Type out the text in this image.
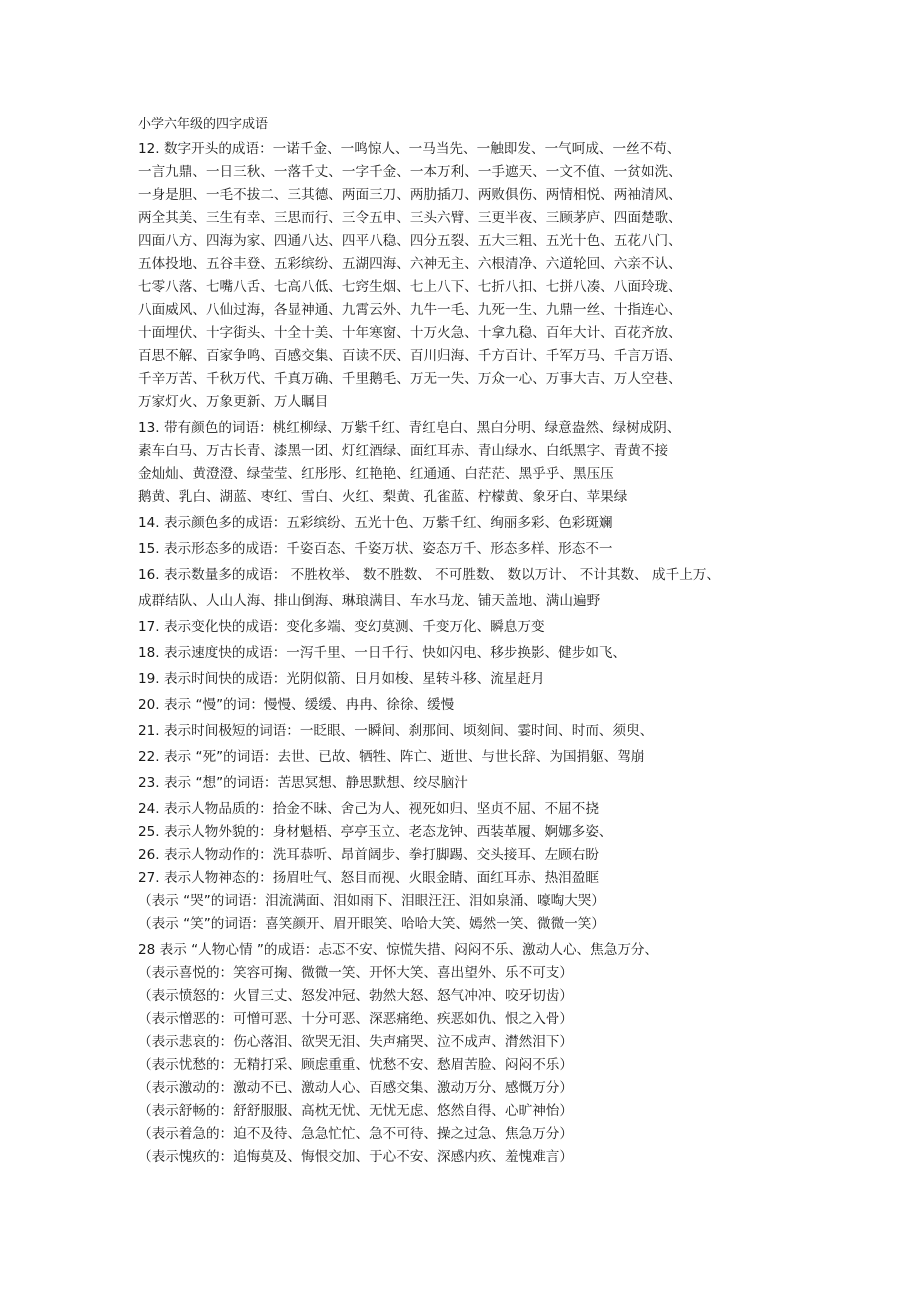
小学六年级的四字成语
12. 数字开头的成语：一诺千金、一鸣惊人、一马当先、一触即发、一气呵成、一丝不苟、
一言九鼎、一日三秋、一落千丈、一字千金、一本万利、一手遮天、一文不值、一贫如洗、
一身是胆、一毛不拔二、三其德、两面三刀、两肋插刀、两败俱伤、两情相悦、两袖清风、
两全其美、三生有幸、三思而行、三令五申、三头六臂、三更半夜、三顾茅庐、四面楚歌、
四面八方、四海为家、四通八达、四平八稳、四分五裂、五大三粗、五光十色、五花八门、
五体投地、五谷丰登、五彩缤纷、五湖四海、六神无主、六根清净、六道轮回、六亲不认、
七零八落、七嘴八舌、七高八低、七窍生烟、七上八下、七折八扣、七拼八凑、八面玲珑、
八面威风、八仙过海，各显神通、九霄云外、九牛一毛、九死一生、九鼎一丝、十指连心、
十面埋伏、十字街头、十全十美、十年寒窗、十万火急、十拿九稳、百年大计、百花齐放、
百思不解、百家争鸣、百感交集、百读不厌、百川归海、千方百计、千军万马、千言万语、
千辛万苦、千秋万代、千真万确、千里鹅毛、万无一失、万众一心、万事大吉、万人空巷、
万家灯火、万象更新、万人瞩目
13. 带有颜色的词语：桃红柳绿、万紫千红、青红皂白、黑白分明、绿意盎然、绿树成阴、
素车白马、万古长青、漆黑一团、灯红酒绿、面红耳赤、青山绿水、白纸黑字、青黄不接
金灿灿、黄澄澄、绿莹莹、红彤彤、红艳艳、红通通、白茫茫、黑乎乎、黑压压
鹅黄、乳白、湖蓝、枣红、雪白、火红、梨黄、孔雀蓝、柠檬黄、象牙白、苹果绿
14. 表示颜色多的成语：五彩缤纷、五光十色、万紫千红、绚丽多彩、色彩斑斓
15. 表示形态多的成语：千姿百态、千姿万状、姿态万千、形态多样、形态不一
16. 表示数量多的成语： 不胜枚举、 数不胜数、 不可胜数、 数以万计、 不计其数、 成千上万、
成群结队、人山人海、排山倒海、琳琅满目、车水马龙、铺天盖地、满山遍野
17. 表示变化快的成语：变化多端、变幻莫测、千变万化、瞬息万变
18. 表示速度快的成语：一泻千里、一日千行、快如闪电、移步换影、健步如飞、
19. 表示时间快的成语：光阴似箭、日月如梭、星转斗移、流星赶月
20. 表示 “慢”的词：慢慢、缓缓、冉冉、徐徐、缓慢
21. 表示时间极短的词语：一眨眼、一瞬间、刹那间、顷刻间、霎时间、时而、须臾、
22. 表示 “死”的词语：去世、已故、牺牲、阵亡、逝世、与世长辞、为国捐躯、驾崩
23. 表示 “想”的词语：苦思冥想、静思默想、绞尽脑汁
24. 表示人物品质的：拾金不昧、舍己为人、视死如归、坚贞不屈、不屈不挠
25. 表示人物外貌的：身材魁梧、亭亭玉立、老态龙钟、西装革履、婀娜多姿、
26. 表示人物动作的：洗耳恭听、昂首阔步、拳打脚踢、交头接耳、左顾右盼
27. 表示人物神态的：扬眉吐气、怒目而视、火眼金睛、面红耳赤、热泪盈眶
（表示 “哭”的词语：泪流满面、泪如雨下、泪眼汪汪、泪如泉涌、嚎啕大哭）
（表示 “笑”的词语：喜笑颜开、眉开眼笑、哈哈大笑、嫣然一笑、微微一笑）
28 表示 “人物心情 ”的成语：忐忑不安、惊慌失措、闷闷不乐、激动人心、焦急万分、
（表示喜悦的：笑容可掬、微微一笑、开怀大笑、喜出望外、乐不可支）
（表示愤怒的：火冒三丈、怒发冲冠、勃然大怒、怒气冲冲、咬牙切齿）
（表示憎恶的：可憎可恶、十分可恶、深恶痛绝、疾恶如仇、恨之入骨）
（表示悲哀的：伤心落泪、欲哭无泪、失声痛哭、泣不成声、潸然泪下）
（表示忧愁的：无精打采、顾虑重重、忧愁不安、愁眉苦脸、闷闷不乐）
（表示激动的：激动不已、激动人心、百感交集、激动万分、感慨万分）
（表示舒畅的：舒舒服服、高枕无忧、无忧无虑、悠然自得、心旷神怡）
（表示着急的：迫不及待、急急忙忙、急不可待、操之过急、焦急万分）
（表示愧疚的：追悔莫及、悔恨交加、于心不安、深感内疚、羞愧难言）
